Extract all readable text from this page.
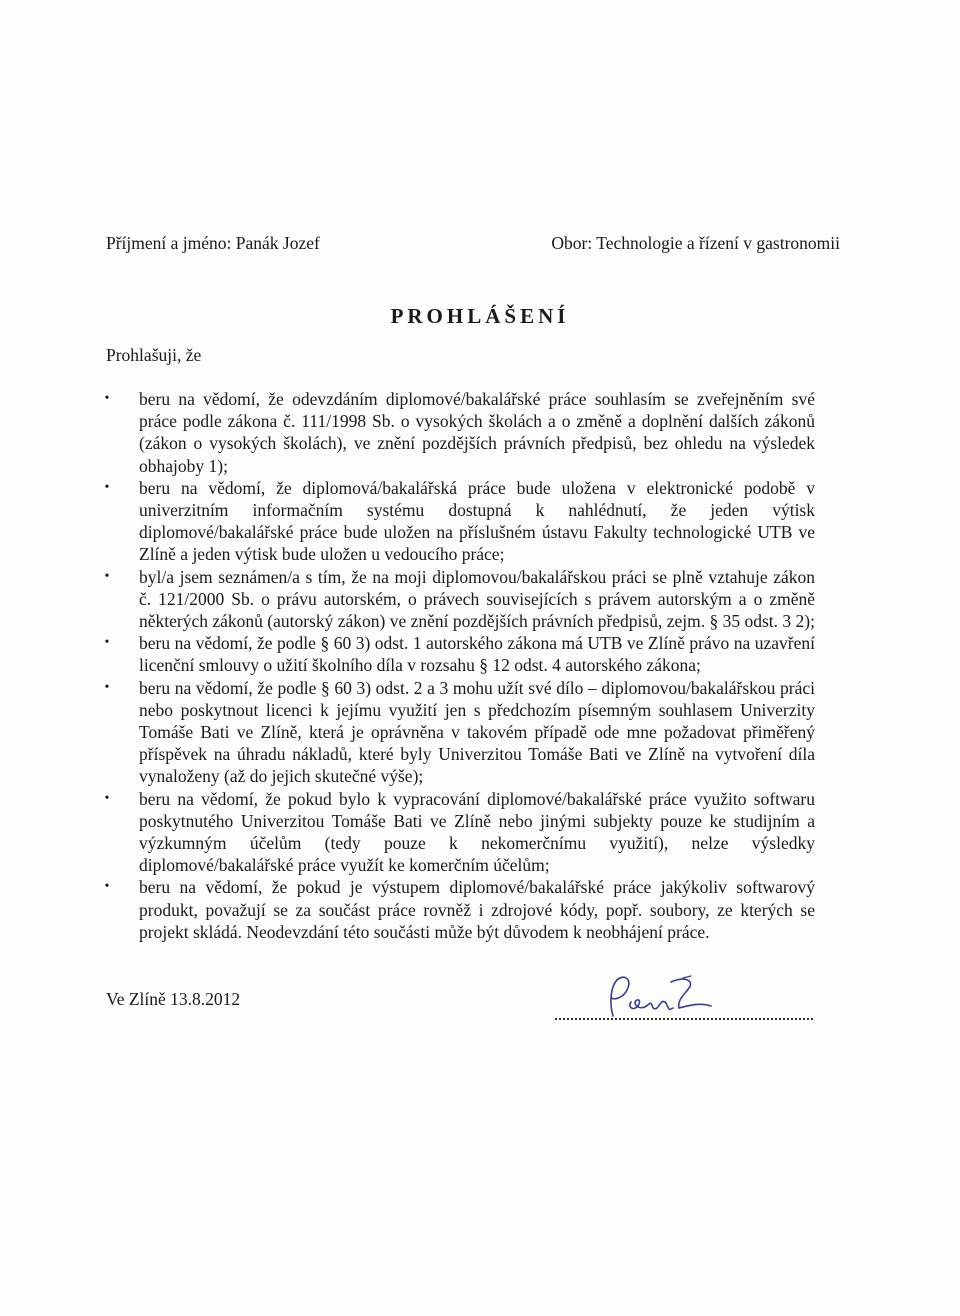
Příjmení a jméno: Panák Jozef	Obor: Technologie a řízení v gastronomii
PROHLÁŠENÍ
Prohlašuji, že
• beru na vědomí, že odevzdáním diplomové/bakalářské práce souhlasím se zveřejněním své práce podle zákona č. 111/1998 Sb. o vysokých školách a o změně a doplnění dalších zákonů (zákon o vysokých školách), ve znění pozdějších právních předpisů, bez ohledu na výsledek obhajoby 1);
• beru na vědomí, že diplomová/bakalářská práce bude uložena v elektronické podobě v univerzitním informačním systému dostupná k nahlédnutí, že jeden výtisk diplomové/bakalářské práce bude uložen na příslušném ústavu Fakulty technologické UTB ve Zlíně a jeden výtisk bude uložen u vedoucího práce;
• byl/a jsem seznámen/a s tím, že na moji diplomovou/bakalářskou práci se plně vztahuje zákon č. 121/2000 Sb. o právu autorském, o právech souvisejících s právem autorským a o změně některých zákonů (autorský zákon) ve znění pozdějších právních předpisů, zejm. § 35 odst. 3 2);
• beru na vědomí, že podle § 60 3) odst. 1 autorského zákona má UTB ve Zlíně právo na uzavření licenční smlouvy o užití školního díla v rozsahu § 12 odst. 4 autorského zákona;
• beru na vědomí, že podle § 60 3) odst. 2 a 3 mohu užít své dílo – diplomovou/bakalářskou práci nebo poskytnout licenci k jejímu využití jen s předchozím písemným souhlasem Univerzity Tomáše Bati ve Zlíně, která je oprávněna v takovém případě ode mne požadovat přiměřený příspěvek na úhradu nákladů, které byly Univerzitou Tomáše Bati ve Zlíně na vytvoření díla vynaloženy (až do jejich skutečné výše);
• beru na vědomí, že pokud bylo k vypracování diplomové/bakalářské práce využito softwaru poskytnutého Univerzitou Tomáše Bati ve Zlíně nebo jinými subjekty pouze ke studijním a výzkumným účelům (tedy pouze k nekomerčnímu využití), nelze výsledky diplomové/bakalářské práce využít ke komerčním účelům;
• beru na vědomí, že pokud je výstupem diplomové/bakalářské práce jakýkoliv softwarový produkt, považují se za součást práce rovněž i zdrojové kódy, popř. soubory, ze kterých se projekt skládá. Neodevzdání této součásti může být důvodem k neobhájení práce.
Ve Zlíně 13.8.2012
